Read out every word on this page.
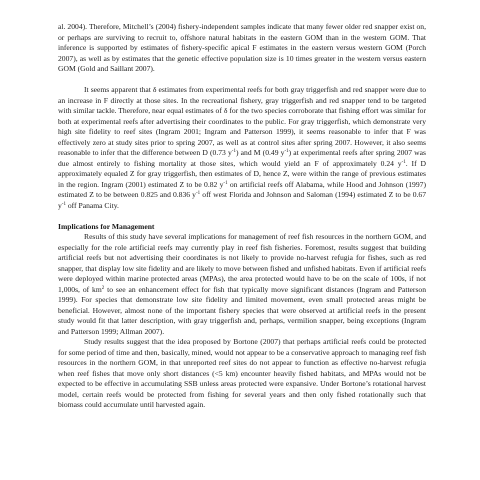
al. 2004). Therefore, Mitchell’s (2004) fishery-independent samples indicate that many fewer older red snapper exist on, or perhaps are surviving to recruit to, offshore natural habitats in the eastern GOM than in the western GOM. That inference is supported by estimates of fishery-specific apical F estimates in the eastern versus western GOM (Porch 2007), as well as by estimates that the genetic effective population size is 10 times greater in the western versus eastern GOM (Gold and Saillant 2007).

It seems apparent that δ estimates from experimental reefs for both gray triggerfish and red snapper were due to an increase in F directly at those sites. In the recreational fishery, gray triggerfish and red snapper tend to be targeted with similar tackle. Therefore, near equal estimates of δ for the two species corroborate that fishing effort was similar for both at experimental reefs after advertising their coordinates to the public. For gray triggerfish, which demonstrate very high site fidelity to reef sites (Ingram 2001; Ingram and Patterson 1999), it seems reasonable to infer that F was effectively zero at study sites prior to spring 2007, as well as at control sites after spring 2007. However, it also seems reasonable to infer that the difference between D (0.73 $y^{-1}$) and M (0.49 $y^{-1}$) at experimental reefs after spring 2007 was due almost entirely to fishing mortality at those sites, which would yield an F of approximately 0.24 $y^{-1}$. If D approximately equaled Z for gray triggerfish, then estimates of D, hence Z, were within the range of previous estimates in the region. Ingram (2001) estimated Z to be 0.82 $y^{-1}$ on artificial reefs off Alabama, while Hood and Johnson (1997) estimated Z to be between 0.825 and 0.836 $y^{-1}$ off west Florida and Johnson and Saloman (1994) estimated Z to be 0.67 $y^{-1}$ off Panama City.

Implications for Management

Results of this study have several implications for management of reef fish resources in the northern GOM, and especially for the role artificial reefs may currently play in reef fish fisheries. Foremost, results suggest that building artificial reefs but not advertising their coordinates is not likely to provide no-harvest refugia for fishes, such as red snapper, that display low site fidelity and are likely to move between fished and unfished habitats. Even if artificial reefs were deployed within marine protected areas (MPAs), the area protected would have to be on the scale of 100s, if not 1,000s, of $km^2$ to see an enhancement effect for fish that typically move significant distances (Ingram and Patterson 1999). For species that demonstrate low site fidelity and limited movement, even small protected areas might be beneficial. However, almost none of the important fishery species that were observed at artificial reefs in the present study would fit that latter description, with gray triggerfish and, perhaps, vermilion snapper, being exceptions (Ingram and Patterson 1999; Allman 2007).

Study results suggest that the idea proposed by Bortone (2007) that perhaps artificial reefs could be protected for some period of time and then, basically, mined, would not appear to be a conservative approach to managing reef fish resources in the northern GOM, in that unreported reef sites do not appear to function as effective no-harvest refugia when reef fishes that move only short distances (<5 km) encounter heavily fished habitats, and MPAs would not be expected to be effective in accumulating SSB unless areas protected were expansive. Under Bortone’s rotational harvest model, certain reefs would be protected from fishing for several years and then only fished rotationally such that biomass could accumulate until harvested again.
